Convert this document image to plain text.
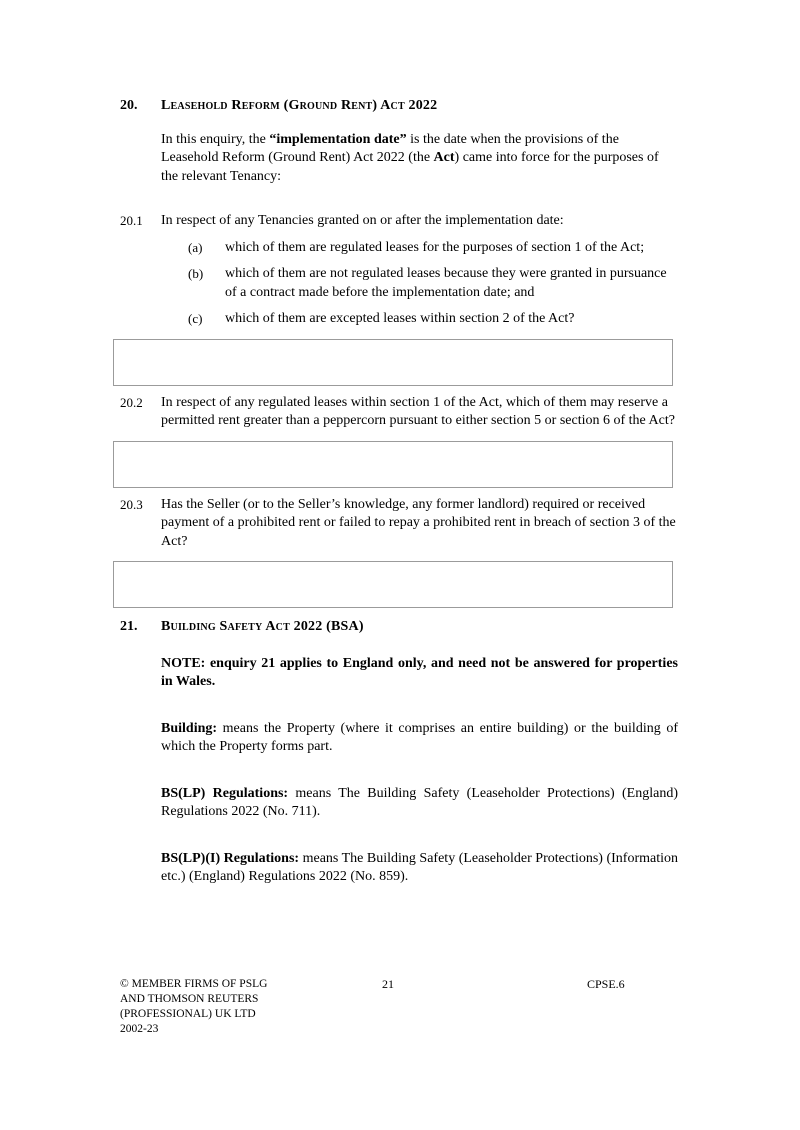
20.	Leasehold Reform (Ground Rent) Act 2022

In this enquiry, the “implementation date” is the date when the provisions of the Leasehold Reform (Ground Rent) Act 2022 (the Act) came into force for the purposes of the relevant Tenancy:

20.1	In respect of any Tenancies granted on or after the implementation date:

(a)	which of them are regulated leases for the purposes of section 1 of the Act;

(b)	which of them are not regulated leases because they were granted in pursuance of a contract made before the implementation date; and

(c)	which of them are excepted leases within section 2 of the Act?

20.2	In respect of any regulated leases within section 1 of the Act, which of them may reserve a permitted rent greater than a peppercorn pursuant to either section 5 or section 6 of the Act?

20.3	Has the Seller (or to the Seller’s knowledge, any former landlord) required or received payment of a prohibited rent or failed to repay a prohibited rent in breach of section 3 of the Act?

21.	Building Safety Act 2022 (BSA)

NOTE: enquiry 21 applies to England only, and need not be answered for properties in Wales.

Building: means the Property (where it comprises an entire building) or the building of which the Property forms part.

BS(LP) Regulations: means The Building Safety (Leaseholder Protections) (England) Regulations 2022 (No. 711).

BS(LP)(I) Regulations: means The Building Safety (Leaseholder Protections) (Information etc.) (England) Regulations 2022 (No. 859).

© MEMBER FIRMS OF PSLG
AND THOMSON REUTERS
(PROFESSIONAL) UK LTD
2002-23
21	CPSE.6
